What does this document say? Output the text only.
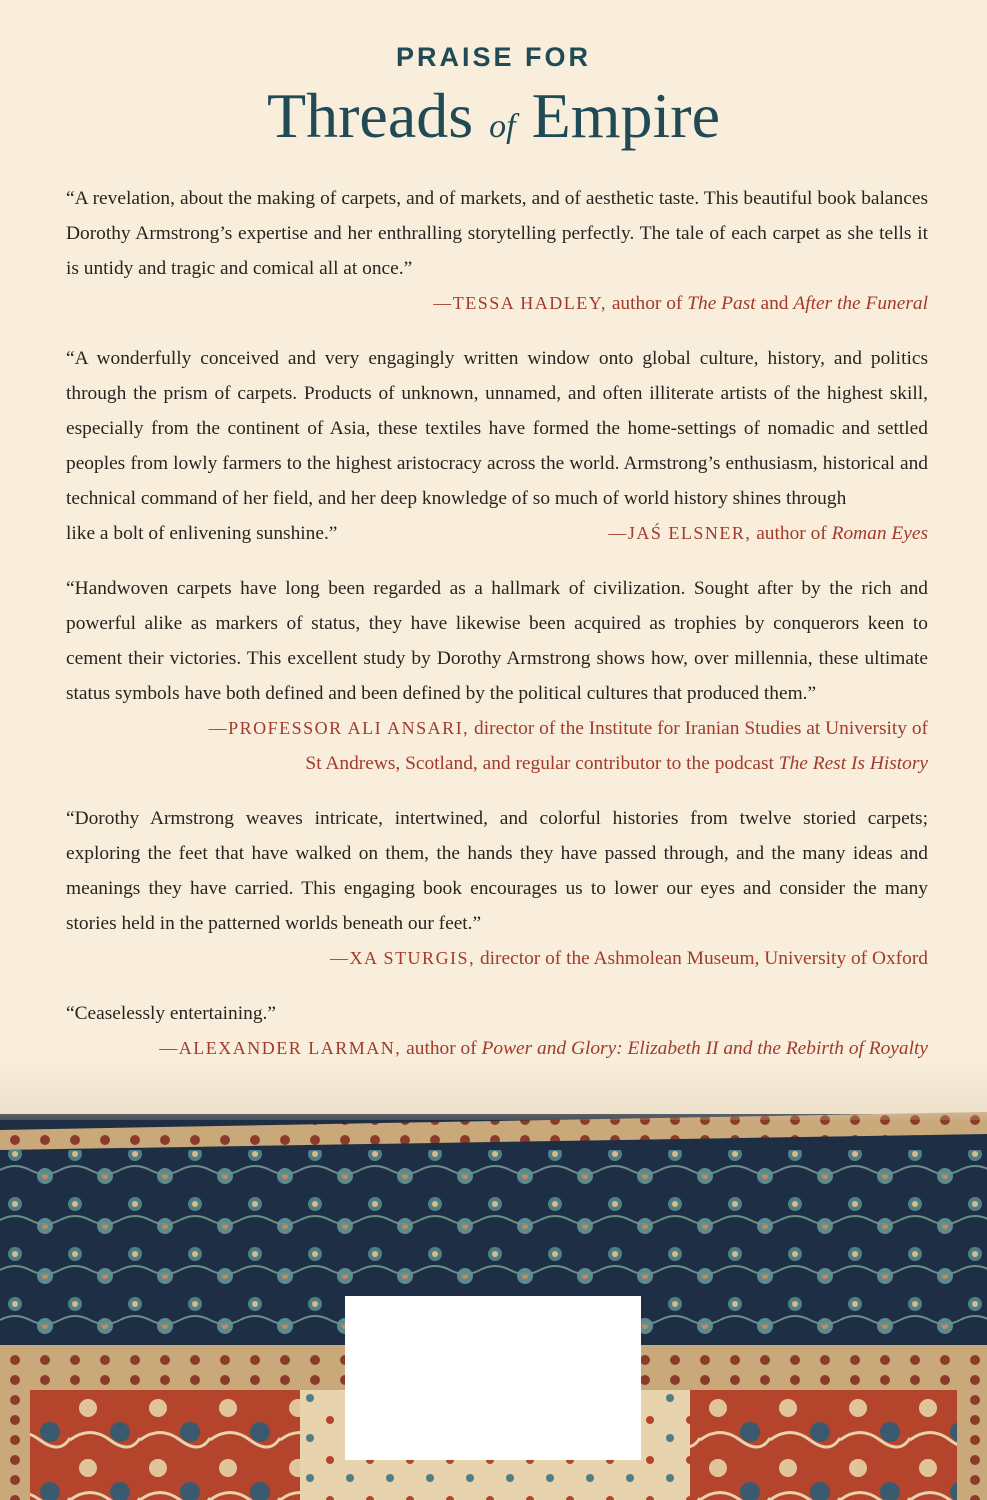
PRAISE FOR
Threads of Empire

“A revelation, about the making of carpets, and of markets, and of aesthetic taste. This beautiful book balances Dorothy Armstrong’s expertise and her enthralling storytelling perfectly. The tale of each carpet as she tells it is untidy and tragic and comical all at once.”

—TESSA HADLEY, author of The Past and After the Funeral

“A wonderfully conceived and very engagingly written window onto global culture, history, and politics through the prism of carpets. Products of unknown, unnamed, and often illiterate artists of the highest skill, especially from the continent of Asia, these textiles have formed the home-settings of nomadic and settled peoples from lowly farmers to the highest aristocracy across the world. Armstrong’s enthusiasm, historical and technical command of her field, and her deep knowledge of so much of world history shines through

like a bolt of enlivening sunshine.”	—JAŚ ELSNER, author of Roman Eyes

“Handwoven carpets have long been regarded as a hallmark of civilization. Sought after by the rich and powerful alike as markers of status, they have likewise been acquired as trophies by conquerors keen to cement their victories. This excellent study by Dorothy Armstrong shows how, over millennia, these ultimate status symbols have both defined and been defined by the political cultures that produced them.”

—PROFESSOR ALI ANSARI, director of the Institute for Iranian Studies at University of
St Andrews, Scotland, and regular contributor to the podcast The Rest Is History

“Dorothy Armstrong weaves intricate, intertwined, and colorful histories from twelve storied carpets; exploring the feet that have walked on them, the hands they have passed through, and the many ideas and meanings they have carried. This engaging book encourages us to lower our eyes and consider the many stories held in the patterned worlds beneath our feet.”

—XA STURGIS, director of the Ashmolean Museum, University of Oxford

“Ceaselessly entertaining.”

—ALEXANDER LARMAN, author of Power and Glory: Elizabeth II and the Rebirth of Royalty
